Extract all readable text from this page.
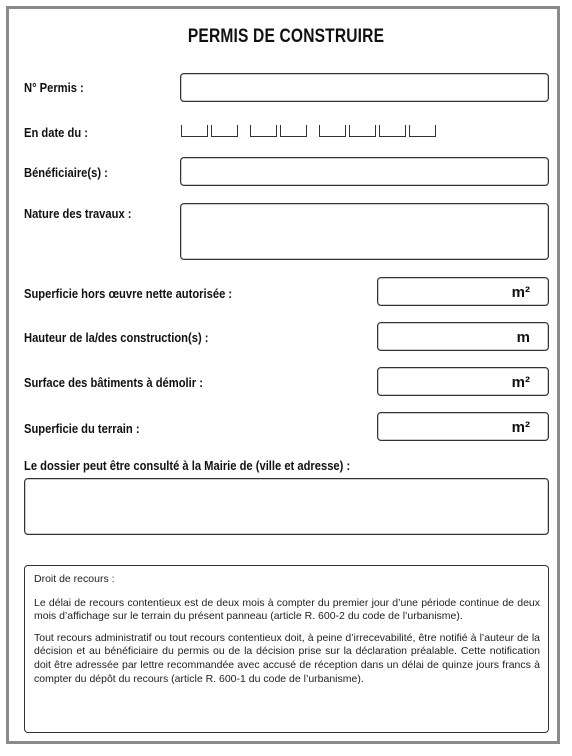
PERMIS DE CONSTRUIRE
N° Permis :
En date du :
Bénéficiaire(s) :
Nature des travaux :
Superficie hors œuvre nette autorisée :	m²
Hauteur de la/des construction(s) :	m
Surface des bâtiments à démolir :	m²
Superficie du terrain :	m²
Le dossier peut être consulté à la Mairie de (ville et adresse) :

Droit de recours :

Le délai de recours contentieux est de deux mois à compter du premier jour d’une période continue de deux mois d’affichage sur le terrain du présent panneau (article R. 600-2 du code de l’urbanisme).

Tout recours administratif ou tout recours contentieux doit, à peine d’irrecevabilité, être notifié à l’auteur de la décision et au bénéficiaire du permis ou de la décision prise sur la déclaration préalable. Cette notification doit être adressée par lettre recommandée avec accusé de réception dans un délai de quinze jours francs à compter du dépôt du recours (article R. 600-1 du code de l’urbanisme).
